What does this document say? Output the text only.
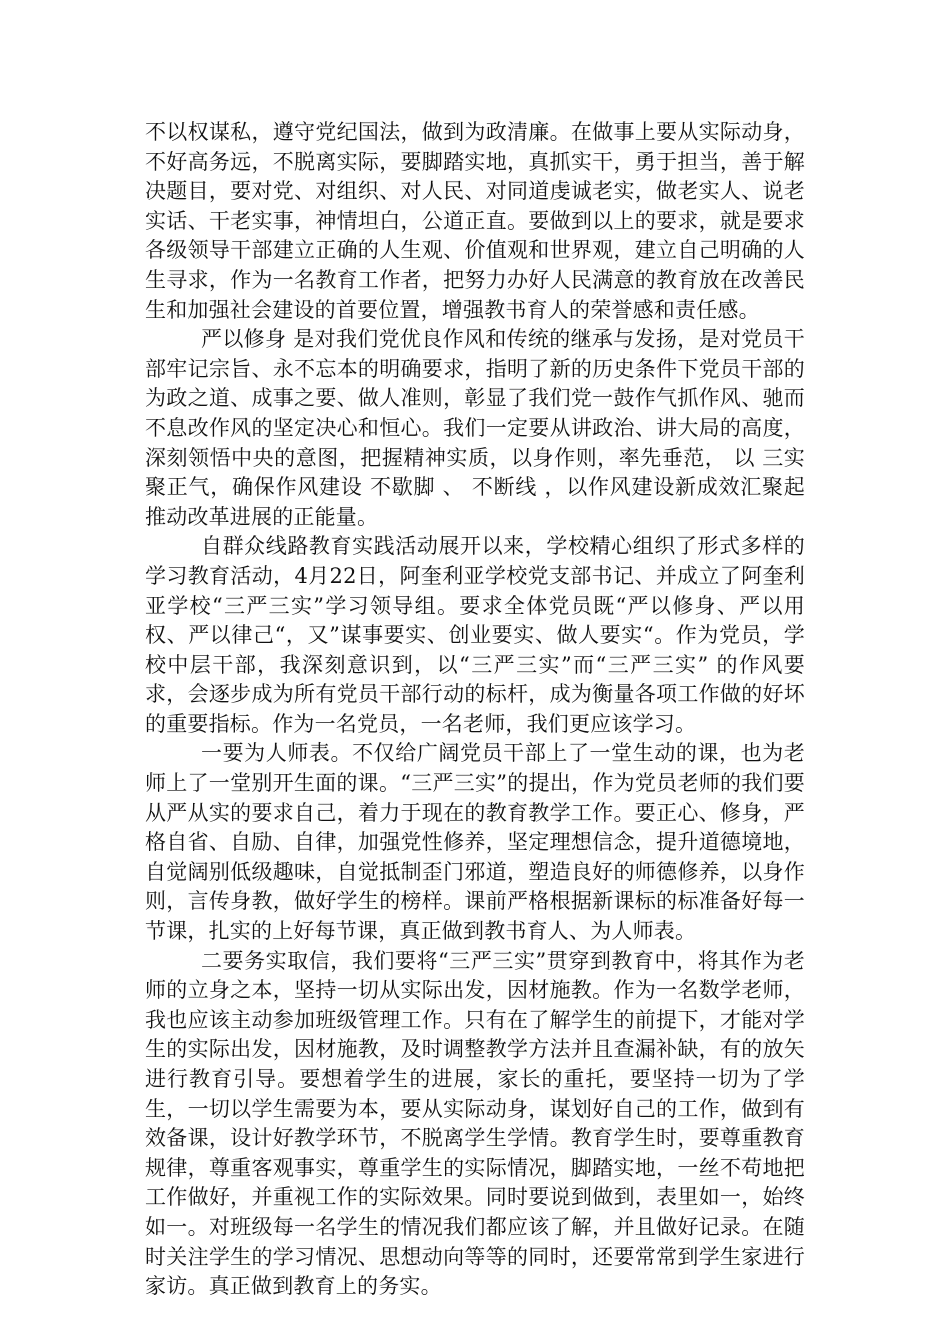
不以权谋私，遵守党纪国法，做到为政清廉。在做事上要从实际动身，不好高务远，不脱离实际，要脚踏实地，真抓实干，勇于担当，善于解决题目，要对党、对组织、对人民、对同道虔诚老实，做老实人、说老实话、干老实事，神情坦白，公道正直。要做到以上的要求，就是要求各级领导干部建立正确的人生观、价值观和世界观，建立自己明确的人生寻求，作为一名教育工作者，把努力办好人民满意的教育放在改善民生和加强社会建设的首要位置，增强教书育人的荣誉感和责任感。

严以修身 是对我们党优良作风和传统的继承与发扬，是对党员干部牢记宗旨、永不忘本的明确要求，指明了新的历史条件下党员干部的为政之道、成事之要、做人准则，彰显了我们党一鼓作气抓作风、驰而不息改作风的坚定决心和恒心。我们一定要从讲政治、讲大局的高度，深刻领悟中央的意图，把握精神实质，以身作则，率先垂范， 以 三实 聚正气，确保作风建设 不歇脚 、 不断线 ，以作风建设新成效汇聚起推动改革进展的正能量。

自群众线路教育实践活动展开以来，学校精心组织了形式多样的学习教育活动，4月22日，阿奎利亚学校党支部书记、并成立了阿奎利亚学校“三严三实”学习领导组。要求全体党员既“严以修身、严以用权、严以律己“，又”谋事要实、创业要实、做人要实“。作为党员，学校中层干部，我深刻意识到，以“三严三实”而“三严三实” 的作风要求，会逐步成为所有党员干部行动的标杆，成为衡量各项工作做的好坏的重要指标。作为一名党员，一名老师，我们更应该学习。

一要为人师表。不仅给广阔党员干部上了一堂生动的课，也为老师上了一堂别开生面的课。“三严三实”的提出，作为党员老师的我们要从严从实的要求自己，着力于现在的教育教学工作。要正心、修身，严格自省、自励、自律，加强党性修养，坚定理想信念，提升道德境地，自觉阔别低级趣味，自觉抵制歪门邪道，塑造良好的师德修养，以身作则，言传身教，做好学生的榜样。课前严格根据新课标的标准备好每一节课，扎实的上好每节课，真正做到教书育人、为人师表。

二要务实取信，我们要将“三严三实”贯穿到教育中，将其作为老师的立身之本，坚持一切从实际出发，因材施教。作为一名数学老师，我也应该主动参加班级管理工作。只有在了解学生的前提下，才能对学生的实际出发，因材施教，及时调整教学方法并且查漏补缺，有的放矢进行教育引导。要想着学生的进展，家长的重托，要坚持一切为了学生，一切以学生需要为本，要从实际动身，谋划好自己的工作，做到有效备课，设计好教学环节，不脱离学生学情。教育学生时，要尊重教育规律，尊重客观事实，尊重学生的实际情况，脚踏实地，一丝不苟地把工作做好，并重视工作的实际效果。同时要说到做到，表里如一，始终如一。对班级每一名学生的情况我们都应该了解，并且做好记录。在随时关注学生的学习情况、思想动向等等的同时，还要常常到学生家进行家访。真正做到教育上的务实。
